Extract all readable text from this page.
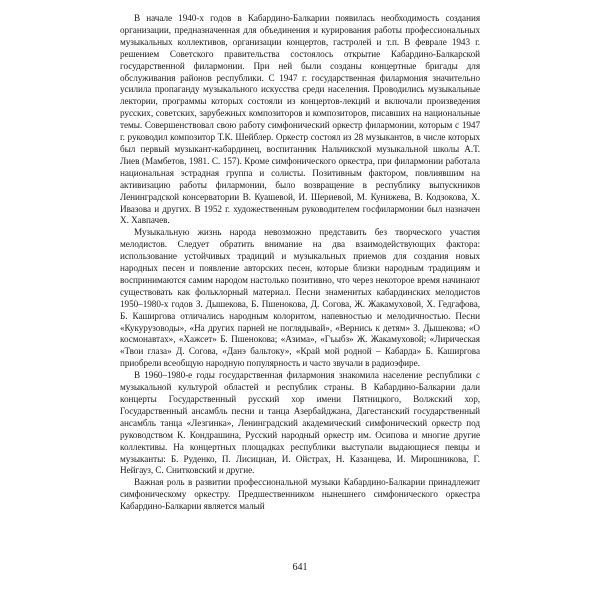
В начале 1940-х годов в Кабардино-Балкарии появилась необходимость создания организации, предназначенная для объединения и курирования работы профессиональных музыкальных коллективов, организации концертов, гастролей и т.п. В феврале 1943 г. решением Советского правительства состоялось открытие Кабардино-Балкарской государственной филармонии. При ней были созданы концертные бригады для обслуживания районов республики. С 1947 г. государственная филармония значительно усилила пропаганду музыкального искусства среди населения. Проводились музыкальные лектории, программы которых состояли из концертов-лекций и включали произведения русских, советских, зарубежных композиторов и композиторов, писавших на национальные темы. Совершенствовал свою работу симфонический оркестр филармонии, которым с 1947 г. руководил композитор Т.К. Шейблер. Оркестр состоял из 28 музыкантов, в числе которых был первый музыкант-кабардинец, воспитанник Нальчикской музыкальной школы А.Т. Лиев (Мамбетов, 1981. С. 157). Кроме симфонического оркестра, при филармонии работала национальная эстрадная группа и солисты. Позитивным фактором, повлиявшим на активизацию работы филармонии, было возвращение в республику выпускников Ленинградской консерватории В. Куашевой, И. Шериевой, М. Кунижева, В. Кодзокова, Х. Ивазова и других. В 1952 г. художественным руководителем госфилармонии был назначен Х. Хавпачев.

Музыкальную жизнь народа невозможно представить без творческого участия мелодистов. Следует обратить внимание на два взаимодействующих фактора: использование устойчивых традиций и музыкальных приемов для создания новых народных песен и появление авторских песен, которые близки народным традициям и воспринимаются самим народом настолько позитивно, что через некоторое время начинают существовать как фольклорный материал. Песни знаменитых кабардинских мелодистов 1950–1980-х годов З. Дышекова, Б. Пшенокова, Д. Согова, Ж. Жакамуховой, Х. Гедгафова, Б. Каширгова отличались народным колоритом, напевностью и мелодичностью. Песни «Кукурузоводы», «На других парней не поглядывай», «Вернись к детям» З. Дышекова; «О космонавтах», «Хажсет» Б. Пшенокова; «Азима», «Гъыбз» Ж. Жакамуховой; «Лирическая «Твои глаза» Д. Согова, «Данэ бальтоку», «Край мой родной – Кабарда» Б. Каширгова приобрели всеобщую народную популярность и часто звучали в радиоэфире.

В 1960–1980-е годы государственная филармония знакомила население республики с музыкальной культурой областей и республик страны. В Кабардино-Балкарии дали концерты Государственный русский хор имени Пятницкого, Волжский хор, Государственный ансамбль песни и танца Азербайджана, Дагестанский государственный ансамбль танца «Лезгинка», Ленинградский академический симфонический оркестр под руководством К. Кондрашина, Русский народный оркестр им. Осипова и многие другие коллективы. На концертных площадках республики выступали выдающиеся певцы и музыканты: Б. Руденко, П. Лисициан, И. Ойстрах, Н. Казанцева, И. Мирошникова, Г. Нейгауз, С. Снитковский и другие.

Важная роль в развитии профессиональной музыки Кабардино-Балкарии принадлежит симфоническому оркестру. Предшественником нынешнего симфонического оркестра Кабардино-Балкарии является малый

641
